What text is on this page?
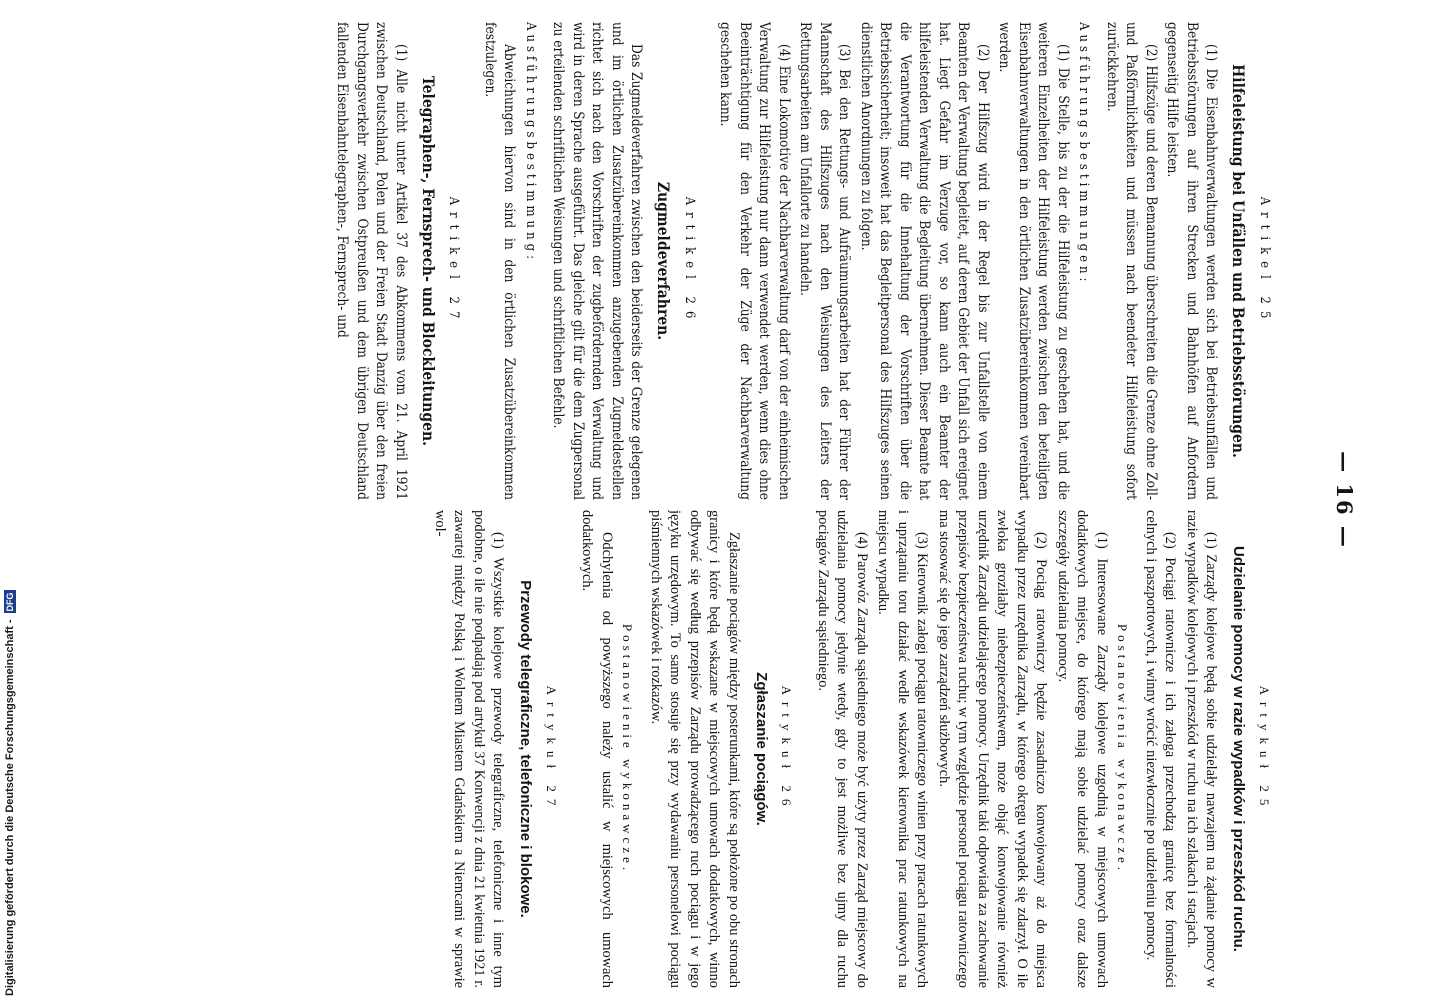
— 16 —

Artikel 25

Hilfeleistung bei Unfällen und Betriebsstörungen.

(1) Die Eisenbahnverwaltungen werden sich bei Betriebsunfällen und Betriebsstörungen auf ihren Strecken und Bahnhöfen auf Anfordern gegenseitig Hilfe leisten.

(2) Hilfszüge und deren Bemannung überschreiten die Grenze ohne Zoll- und Paßförmlichkeiten und müssen nach beendeter Hilfeleistung sofort zurückkehren.

Ausführungsbestimmungen:

(1) Die Stelle, bis zu der die Hilfeleistung zu geschehen hat, und die weiteren Einzelheiten der Hilfeleistung werden zwischen den beteiligten Eisenbahnverwaltungen in den örtlichen Zusatzübereinkommen vereinbart werden.

(2) Der Hilfszug wird in der Regel bis zur Unfallstelle von einem Beamten der Verwaltung begleitet, auf deren Gebiet der Unfall sich ereignet hat. Liegt Gefahr im Verzuge vor, so kann auch ein Beamter der hilfeleistenden Verwaltung die Begleitung übernehmen. Dieser Beamte hat die Verantwortung für die Innehaltung der Vorschriften über die Betriebssicherheit; insoweit hat das Begleitpersonal des Hilfszuges seinen dienstlichen Anordnungen zu folgen.

(3) Bei den Rettungs- und Aufräumungsarbeiten hat der Führer der Mannschaft des Hilfszuges nach den Weisungen des Leiters der Rettungsarbeiten am Unfallorte zu handeln.

(4) Eine Lokomotive der Nachbarverwaltung darf von der einheimischen Verwaltung zur Hilfeleistung nur dann verwendet werden, wenn dies ohne Beeinträchtigung für den Verkehr der Züge der Nachbarverwaltung geschehen kann.

Artikel 26

Zugmeldeverfahren.

Das Zugmeldeverfahren zwischen den beiderseits der Grenze gelegenen und im örtlichen Zusatzübereinkommen anzugebenden Zugmeldestellen richtet sich nach den Vorschriften der zugbefördernden Verwaltung und wird in deren Sprache ausgeführt. Das gleiche gilt für die dem Zugpersonal zu erteilenden schriftlichen Weisungen und schriftlichen Befehle.

Ausführungsbestimmung:

Abweichungen hiervon sind in den örtlichen Zusatzübereinkommen festzulegen.

Artikel 27

Telegraphen-, Fernsprech- und Blockleitungen.

(1) Alle nicht unter Artikel 37 des Abkommens vom 21. April 1921 zwischen Deutschland, Polen und der Freien Stadt Danzig über den freien Durchgangsverkehr zwischen Ostpreußen und dem übrigen Deutschland fallenden Eisenbahntelegraphen-, Fernsprech- und

Artykuł 25

Udzielanie pomocy w razie wypadków i przeszkód ruchu.

(1) Zarządy kolejowe będą sobie udzielały nawzajem na żądanie pomocy w razie wypadków kolejowych i przeszkód w ruchu na ich szlakach i stacjach.

(2) Pociągi ratownicze i ich załoga przechodzą granicę bez formalności celnych i paszportowych, i winny wrócić niezwłocznie po udzieleniu pomocy.

Postanowienia wykonawcze.

(1) Interesowane Zarządy kolejowe uzgodnią w miejscowych umowach dodatkowych miejsce, do którego mają sobie udzielać pomocy oraz dalsze szczegóły udzielania pomocy.

(2) Pociąg ratowniczy będzie zasadniczo konwojowany aż do miejsca wypadku przez urzędnika Zarządu, w którego okręgu wypadek się zdarzył. O ile zwłoka groziłaby niebezpieczeństwem, może objąć konwojowanie również urzędnik Zarządu udzielającego pomocy. Urzędnik taki odpowiada za zachowanie przepisów bezpieczeństwa ruchu; w tym względzie personel pociągu ratowniczego ma stosować się do jego zarządzeń służbowych.

(3) Kierownik załogi pociągu ratowniczego winien przy pracach ratunkowych i uprzątaniu toru działać wedle wskazówek kierownika prac ratunkowych na miejscu wypadku.

(4) Parowóz Zarządu sąsiedniego może być użyty przez Zarząd miejscowy do udzielania pomocy jedynie wtedy, gdy to jest możliwe bez ujmy dla ruchu pociągów Zarządu sąsiedniego.

Artykuł 26

Zgłaszanie pociągów.

Zgłaszanie pociągów między posterunkami, które są położone po obu stronach granicy i które będą wskazane w miejscowych umowach dodatkowych, winno odbywać się według przepisów Zarządu prowadzącego ruch pociągu i w jego języku urzędowym. To samo stosuje się przy wydawaniu personelowi pociągu piśmiennych wskazówek i rozkazów.

Postanowienie wykonawcze.

Odchylenia od powyższego należy ustalić w miejscowych umowach dodatkowych.

Artykuł 27

Przewody telegraficzne, telefoniczne i blokowe.

(1) Wszystkie kolejowe przewody telegraficzne, telefoniczne i inne tym podobne, o ile nie podpadają pod artykuł 37 Konwencji z dnia 21 kwietnia 1921 r. zawartej między Polską i Wolnem Miastem Gdańskiem a Niemcami w sprawie wol-

Digitalisierung gefördert durch die Deutsche Forschungsgemeinschaft -DFG
